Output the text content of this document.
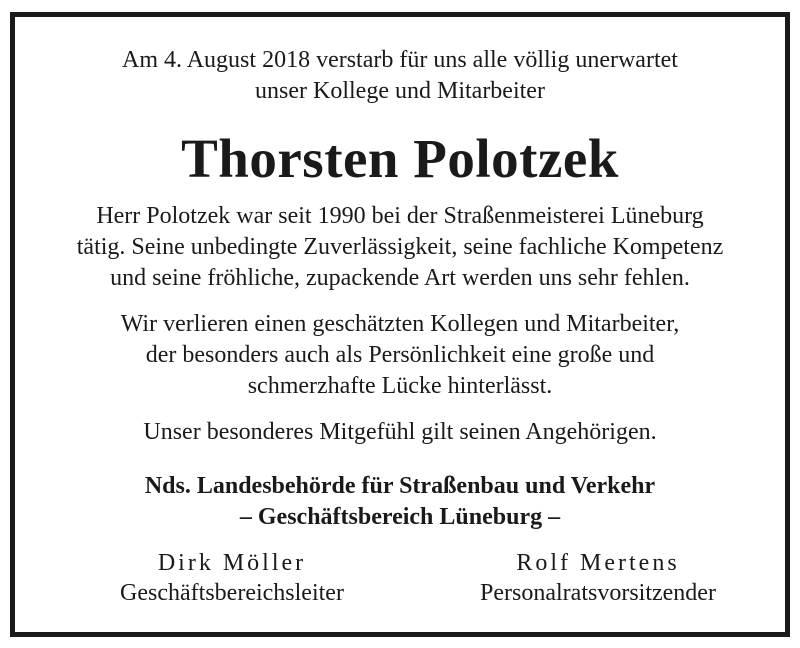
Am 4. August 2018 verstarb für uns alle völlig unerwartet
unser Kollege und Mitarbeiter
Thorsten Polotzek
Herr Polotzek war seit 1990 bei der Straßenmeisterei Lüneburg
tätig. Seine unbedingte Zuverlässigkeit, seine fachliche Kompetenz
und seine fröhliche, zupackende Art werden uns sehr fehlen.
Wir verlieren einen geschätzten Kollegen und Mitarbeiter,
der besonders auch als Persönlichkeit eine große und
schmerzhafte Lücke hinterlässt.
Unser besonderes Mitgefühl gilt seinen Angehörigen.
Nds. Landesbehörde für Straßenbau und Verkehr
– Geschäftsbereich Lüneburg –
Dirk Möller
Geschäftsbereichsleiter
Rolf Mertens
Personalratsvorsitzender
